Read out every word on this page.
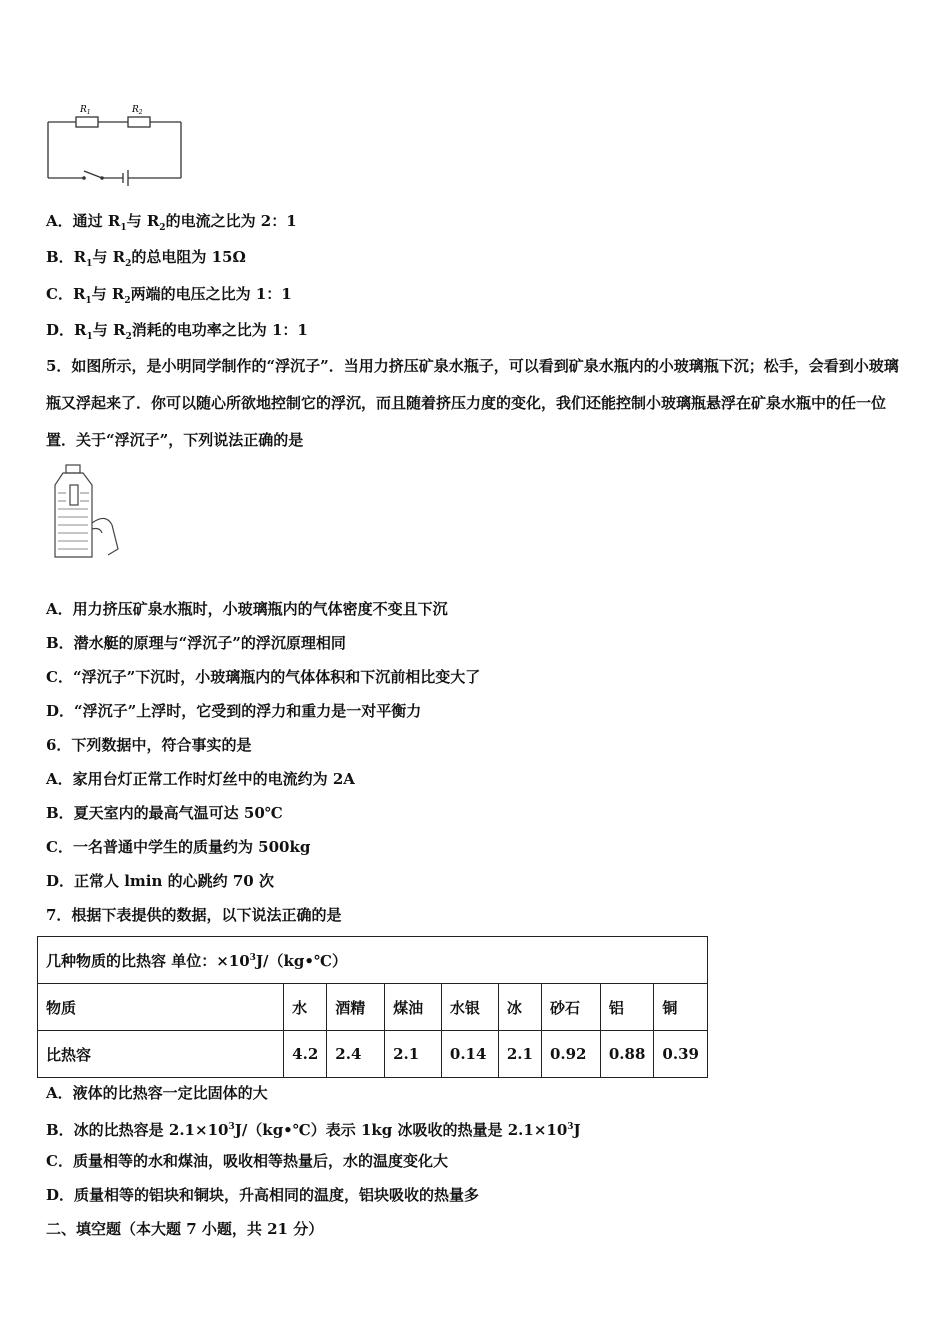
$R_1$	$R_2$
A．通过 $R_1$与 $R_2$的电流之比为 2：1
B．$R_1$与 $R_2$的总电阻为 15Ω
C．$R_1$与 $R_2$两端的电压之比为 1：1
D．$R_1$与 $R_2$消耗的电功率之比为 1：1
5．如图所示，是小明同学制作的“浮沉子”．当用力挤压矿泉水瓶子，可以看到矿泉水瓶内的小玻璃瓶下沉；松手，会看到小玻璃瓶又浮起来了．你可以随心所欲地控制它的浮沉，而且随着挤压力度的变化，我们还能控制小玻璃瓶悬浮在矿泉水瓶中的任一位置．关于“浮沉子”，下列说法正确的是
A．用力挤压矿泉水瓶时，小玻璃瓶内的气体密度不变且下沉
B．潜水艇的原理与“浮沉子”的浮沉原理相同
C．“浮沉子”下沉时，小玻璃瓶内的气体体积和下沉前相比变大了
D．“浮沉子”上浮时，它受到的浮力和重力是一对平衡力
6．下列数据中，符合事实的是
A．家用台灯正常工作时灯丝中的电流约为 2A
B．夏天室内的最高气温可达 50℃
C．一名普通中学生的质量约为 500kg
D．正常人 lmin 的心跳约 70 次
7．根据下表提供的数据，以下说法正确的是
几种物质的比热容 单位：$\times 10^3J/(kg•℃)$								
物质	水	酒精	煤油	水银	冰	砂石	铝	铜
比热容	4.2	2.4	2.1	0.14	2.1	0.92	0.88	0.39
A．液体的比热容一定比固体的大
B．冰的比热容是 $2.1\times 10^3J/(kg•℃)$表示 1kg 冰吸收的热量是 $2.1\times 10^3J$
C．质量相等的水和煤油，吸收相等热量后，水的温度变化大
D．质量相等的铝块和铜块，升高相同的温度，铝块吸收的热量多
二、填空题（本大题 7 小题，共 21 分）
